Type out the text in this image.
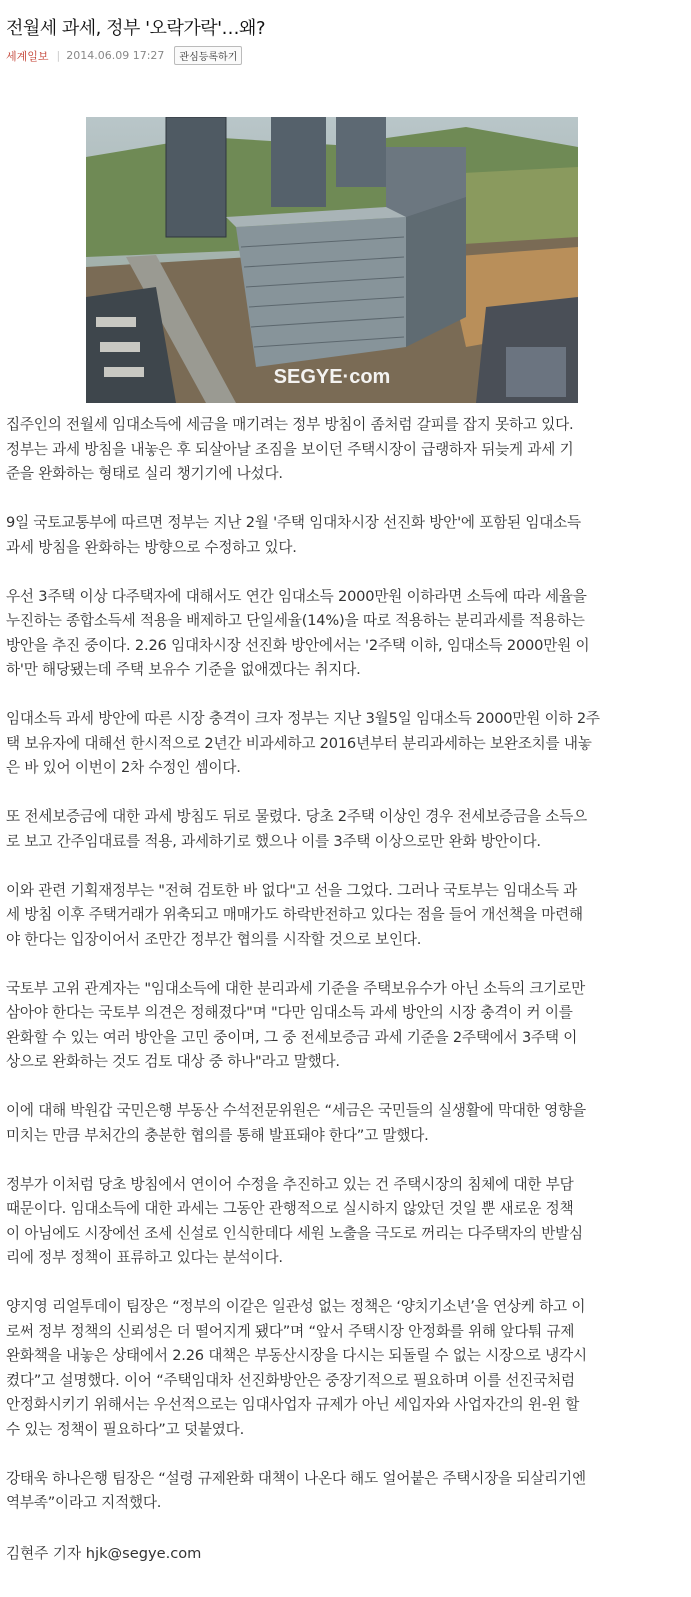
전월세 과세, 정부 '오락가락'…왜?
세계일보 | 2014.06.09 17:27	관심등록하기
SEGYE·com

집주인의 전월세 임대소득에 세금을 매기려는 정부 방침이 좀처럼 갈피를 잡지 못하고 있다.
정부는 과세 방침을 내놓은 후 되살아날 조짐을 보이던 주택시장이 급랭하자 뒤늦게 과세 기
준을 완화하는 형태로 실리 챙기기에 나섰다.

9일 국토교통부에 따르면 정부는 지난 2월 '주택 임대차시장 선진화 방안'에 포함된 임대소득
과세 방침을 완화하는 방향으로 수정하고 있다.

우선 3주택 이상 다주택자에 대해서도 연간 임대소득 2000만원 이하라면 소득에 따라 세율을
누진하는 종합소득세 적용을 배제하고 단일세율(14%)을 따로 적용하는 분리과세를 적용하는
방안을 추진 중이다. 2.26 임대차시장 선진화 방안에서는 '2주택 이하, 임대소득 2000만원 이
하'만 해당됐는데 주택 보유수 기준을 없애겠다는 취지다.

임대소득 과세 방안에 따른 시장 충격이 크자 정부는 지난 3월5일 임대소득 2000만원 이하 2주
택 보유자에 대해선 한시적으로 2년간 비과세하고 2016년부터 분리과세하는 보완조치를 내놓
은 바 있어 이번이 2차 수정인 셈이다.

또 전세보증금에 대한 과세 방침도 뒤로 물렸다. 당초 2주택 이상인 경우 전세보증금을 소득으
로 보고 간주임대료를 적용, 과세하기로 했으나 이를 3주택 이상으로만 완화 방안이다.

이와 관련 기획재정부는 "전혀 검토한 바 없다"고 선을 그었다. 그러나 국토부는 임대소득 과
세 방침 이후 주택거래가 위축되고 매매가도 하락반전하고 있다는 점을 들어 개선책을 마련해
야 한다는 입장이어서 조만간 정부간 협의를 시작할 것으로 보인다.

국토부 고위 관계자는 "임대소득에 대한 분리과세 기준을 주택보유수가 아닌 소득의 크기로만
삼아야 한다는 국토부 의견은 정해졌다"며 "다만 임대소득 과세 방안의 시장 충격이 커 이를
완화할 수 있는 여러 방안을 고민 중이며, 그 중 전세보증금 과세 기준을 2주택에서 3주택 이
상으로 완화하는 것도 검토 대상 중 하나"라고 말했다.

이에 대해 박원갑 국민은행 부동산 수석전문위원은 “세금은 국민들의 실생활에 막대한 영향을
미치는 만큼 부처간의 충분한 협의를 통해 발표돼야 한다”고 말했다.

정부가 이처럼 당초 방침에서 연이어 수정을 추진하고 있는 건 주택시장의 침체에 대한 부담
때문이다. 임대소득에 대한 과세는 그동안 관행적으로 실시하지 않았던 것일 뿐 새로운 정책
이 아님에도 시장에선 조세 신설로 인식한데다 세원 노출을 극도로 꺼리는 다주택자의 반발심
리에 정부 정책이 표류하고 있다는 분석이다.

양지영 리얼투데이 팀장은 “정부의 이같은 일관성 없는 정책은 ‘양치기소년’을 연상케 하고 이
로써 정부 정책의 신뢰성은 더 떨어지게 됐다”며 “앞서 주택시장 안정화를 위해 앞다퉈 규제
완화책을 내놓은 상태에서 2.26 대책은 부동산시장을 다시는 되돌릴 수 없는 시장으로 냉각시
켰다”고 설명했다. 이어 “주택임대차 선진화방안은 중장기적으로 필요하며 이를 선진국처럼
안정화시키기 위해서는 우선적으로는 임대사업자 규제가 아닌 세입자와 사업자간의 윈-윈 할
수 있는 정책이 필요하다”고 덧붙였다.

강태욱 하나은행 팀장은 “설령 규제완화 대책이 나온다 해도 얼어붙은 주택시장을 되살리기엔
역부족”이라고 지적했다.

김현주 기자 hjk@segye.com
